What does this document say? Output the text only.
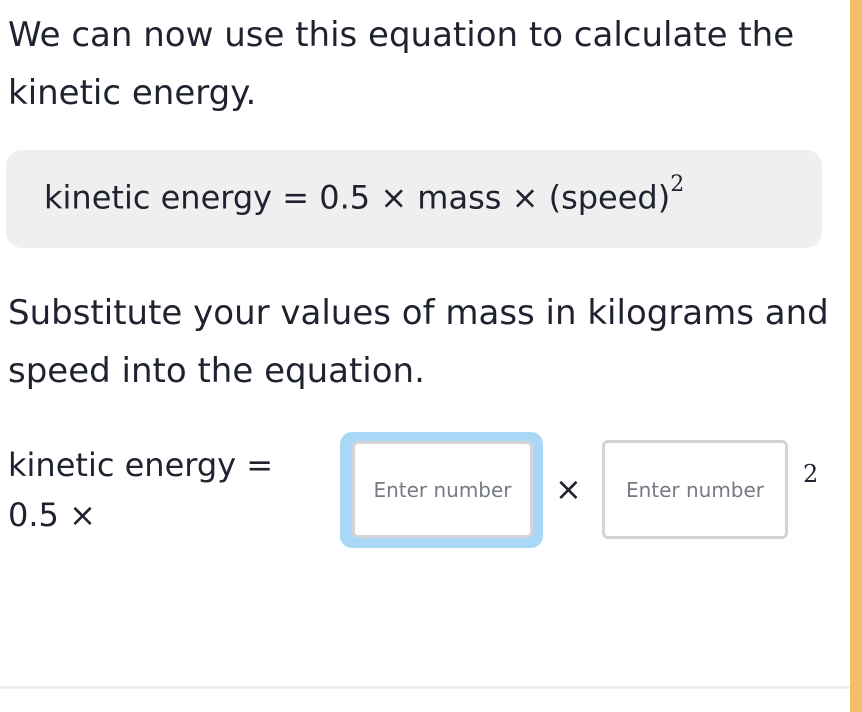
We can now use this equation to calculate the
kinetic energy.

kinetic energy = 0.5 × mass × (speed)$^2$

Substitute your values of mass in kilograms and
speed into the equation.

kinetic energy =
0.5 ×

Enter number
×
Enter number	2
